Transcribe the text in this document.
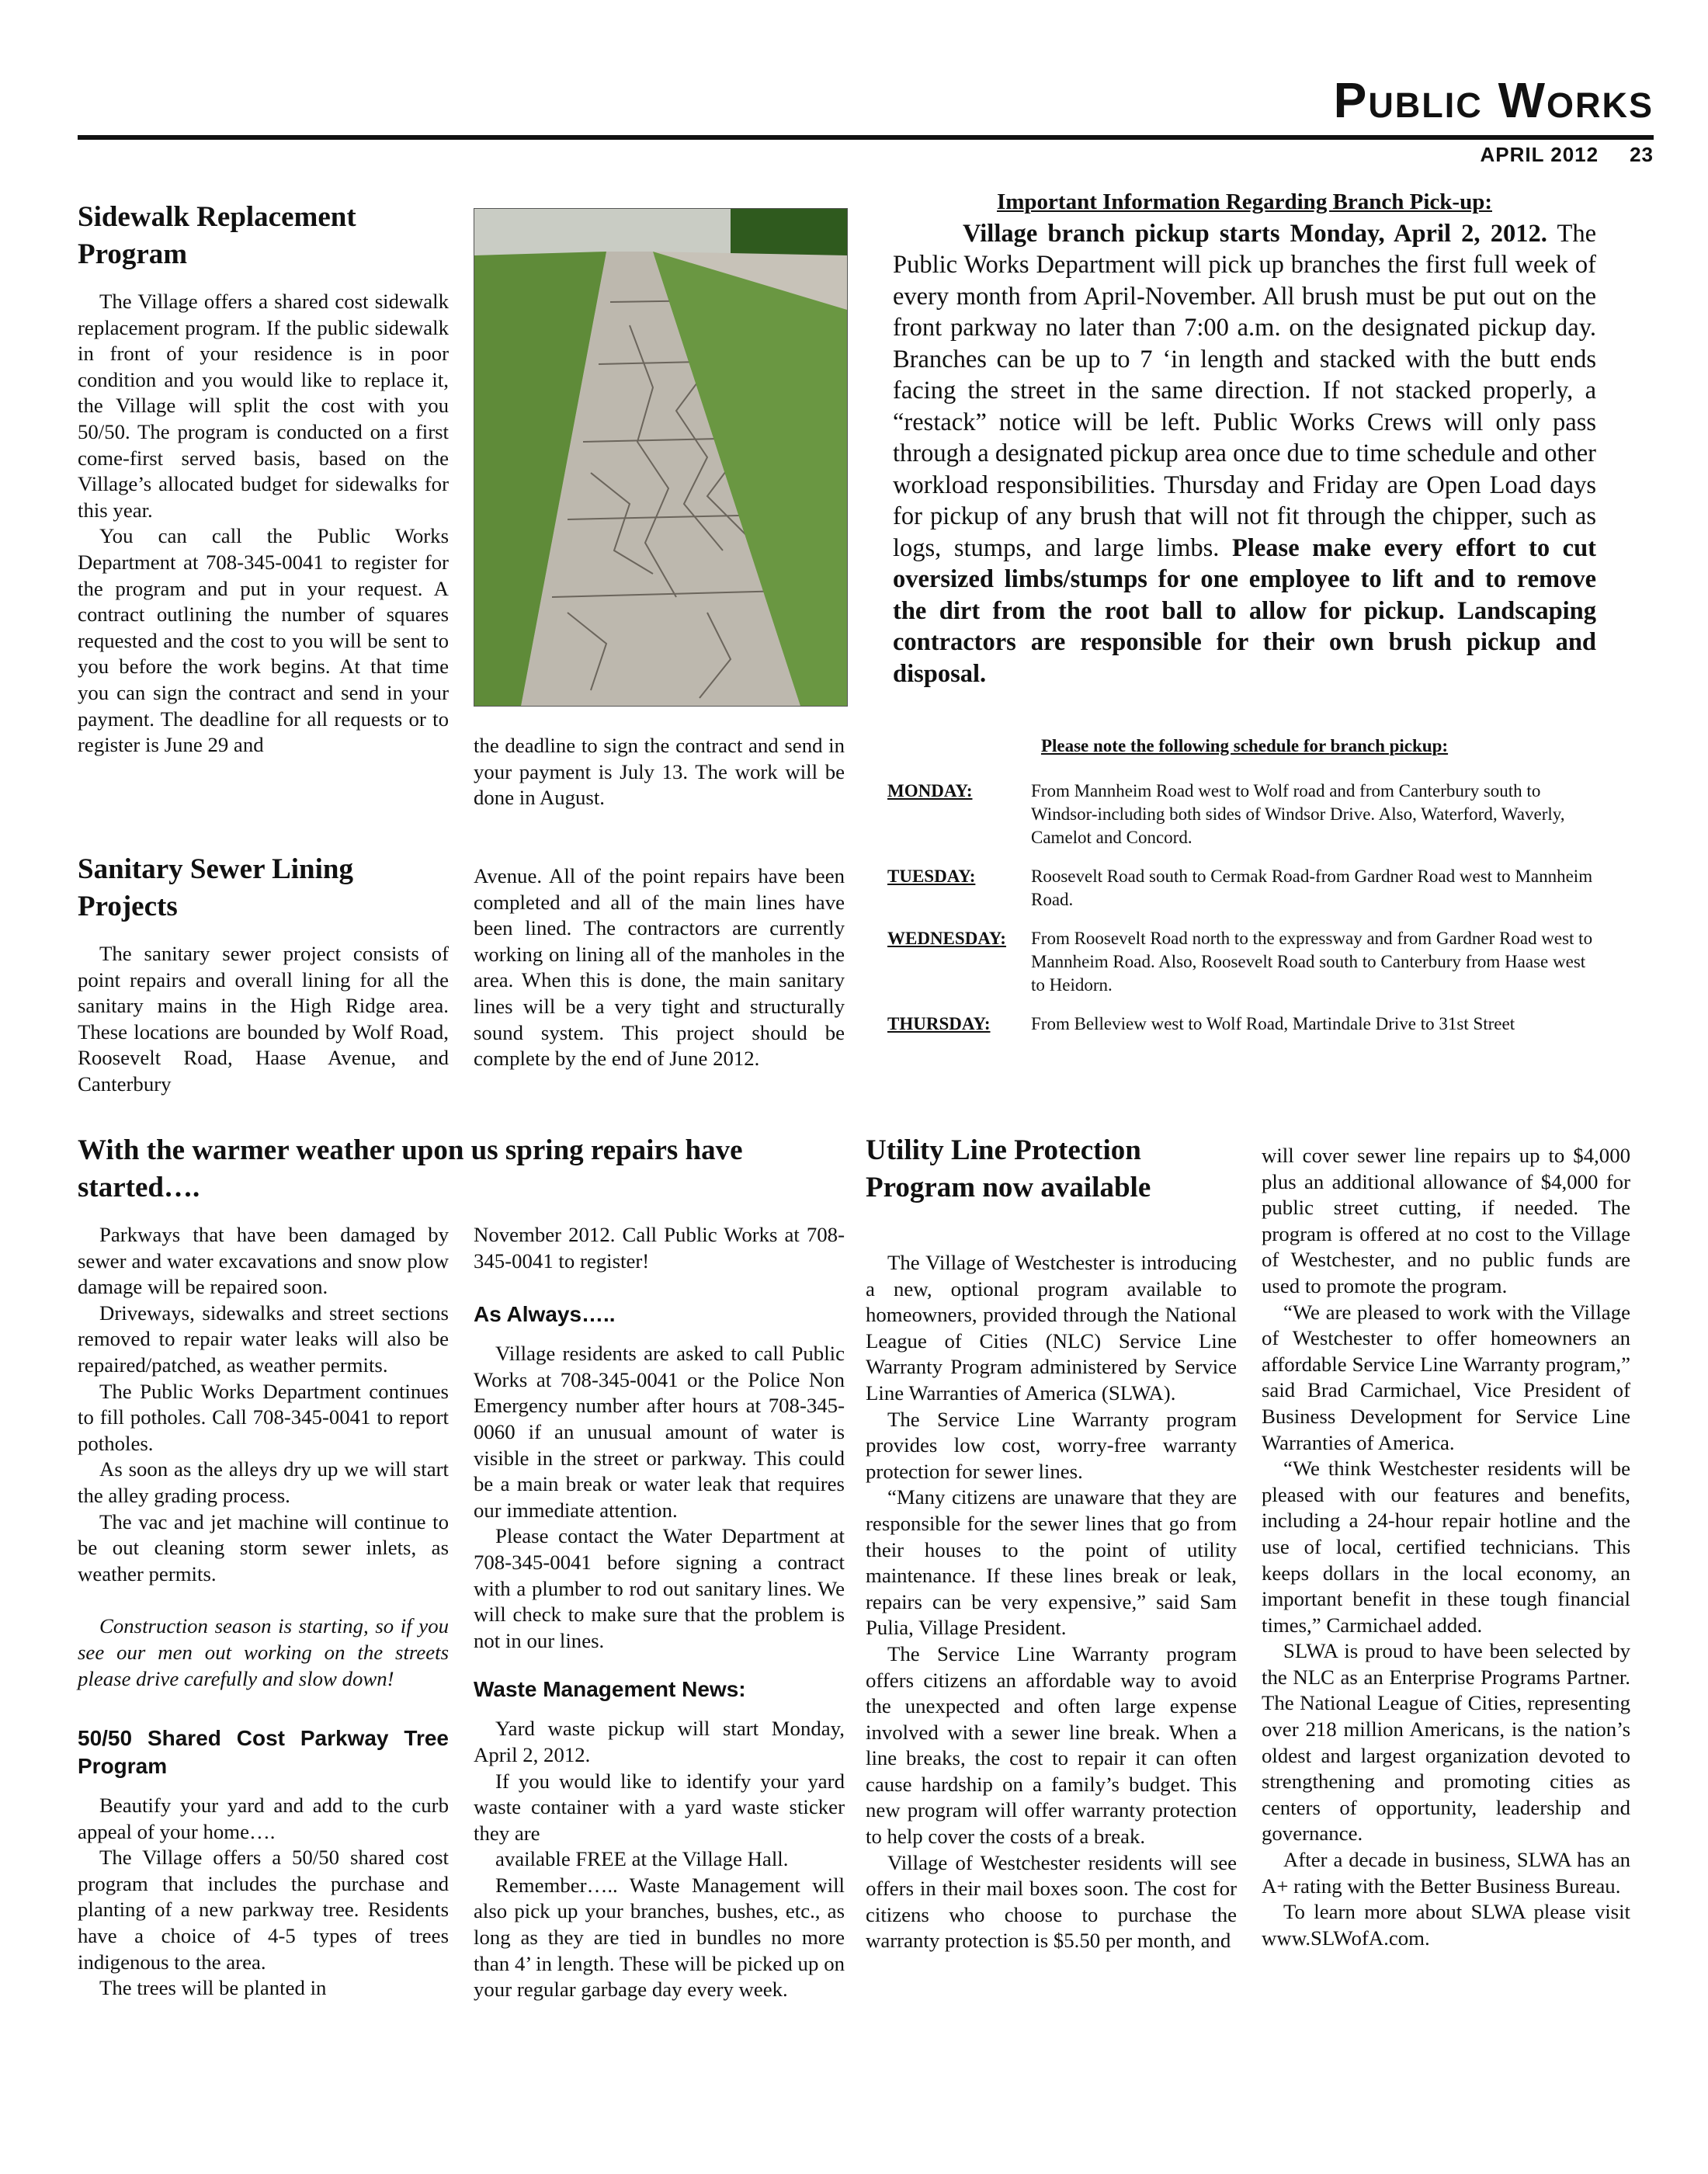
Public Works
APRIL 2012 23
Sidewalk Replacement Program

The Village offers a shared cost sidewalk replacement program. If the public sidewalk in front of your residence is in poor condition and you would like to replace it, the Village will split the cost with you 50/50. The program is conducted on a first come-first served basis, based on the Village’s allocated budget for sidewalks for this year.

You can call the Public Works Department at 708-345-0041 to register for the program and put in your request. A contract outlining the number of squares requested and the cost to you will be sent to you before the work begins. At that time you can sign the contract and send in your payment. The deadline for all requests or to register is June 29 and	the deadline to sign the contract and send in your payment is July 13. The work will be done in August.

Sanitary Sewer Lining Projects

The sanitary sewer project consists of point repairs and overall lining for all the sanitary mains in the High Ridge area. These locations are bounded by Wolf Road, Roosevelt Road, Haase Avenue, and Canterbury

Avenue. All of the point repairs have been completed and all of the main lines have been lined. The contractors are currently working on lining all of the manholes in the area. When this is done, the main sanitary lines will be a very tight and structurally sound system. This project should be complete by the end of June 2012.

Important Information Regarding Branch Pick-up:

Village branch pickup starts Monday, April 2, 2012. The Public Works Department will pick up branches the first full week of every month from April-November. All brush must be put out on the front parkway no later than 7:00 a.m. on the designated pickup day. Branches can be up to 7 ‘in length and stacked with the butt ends facing the street in the same direction. If not stacked properly, a “restack” notice will be left. Public Works Crews will only pass through a designated pickup area once due to time schedule and other workload responsibilities. Thursday and Friday are Open Load days for pickup of any brush that will not fit through the chipper, such as logs, stumps, and large limbs. Please make every effort to cut oversized limbs/stumps for one employee to lift and to remove the dirt from the root ball to allow for pickup. Landscaping contractors are responsible for their own brush pickup and disposal.

Please note the following schedule for branch pickup:
MONDAY:	From Mannheim Road west to Wolf road and from Canterbury south to Windsor-including both sides of Windsor Drive. Also, Waterford, Waverly, Camelot and Concord.
TUESDAY:	Roosevelt Road south to Cermak Road-from Gardner Road west to Mannheim Road.
WEDNESDAY: From Roosevelt Road north to the expressway and from Gardner Road west to Mannheim Road. Also, Roosevelt Road south to Canterbury from Haase west to Heidorn.
THURSDAY: From Belleview west to Wolf Road, Martindale Drive to 31st Street
With the warmer weather upon us spring repairs have started….

Parkways that have been damaged by sewer and water excavations and snow plow damage will be repaired soon.

Driveways, sidewalks and street sections removed to repair water leaks will also be repaired/patched, as weather permits.

The Public Works Department continues to fill potholes. Call 708-345-0041 to report potholes.

As soon as the alleys dry up we will start the alley grading process.

The vac and jet machine will continue to be out cleaning storm sewer inlets, as weather permits.

Construction season is starting, so if you see our men out working on the streets please drive carefully and slow down!

50/50 Shared Cost Parkway Tree Program

Beautify your yard and add to the curb appeal of your home….

The Village offers a 50/50 shared cost program that includes the purchase and planting of a new parkway tree. Residents have a choice of 4-5 types of trees indigenous to the area.

The trees will be planted in

November 2012. Call Public Works at 708-345-0041 to register!

As Always…..

Village residents are asked to call Public Works at 708-345-0041 or the Police Non Emergency number after hours at 708-345-0060 if an unusual amount of water is visible in the street or parkway. This could be a main break or water leak that requires our immediate attention.

Please contact the Water Department at 708-345-0041 before signing a contract with a plumber to rod out sanitary lines. We will check to make sure that the problem is not in our lines.

Waste Management News:

Yard waste pickup will start Monday, April 2, 2012.

If you would like to identify your yard waste container with a yard waste sticker they are

available FREE at the Village Hall.

Remember….. Waste Management will also pick up your branches, bushes, etc., as long as they are tied in bundles no more than 4’ in length. These will be picked up on your regular garbage day every week.

Utility Line Protection Program now available

The Village of Westchester is introducing a new, optional program available to homeowners, provided through the National League of Cities (NLC) Service Line Warranty Program administered by Service Line Warranties of America (SLWA).

The Service Line Warranty program provides low cost, worry-free warranty protection for sewer lines.

“Many citizens are unaware that they are responsible for the sewer lines that go from their houses to the point of utility maintenance. If these lines break or leak, repairs can be very expensive,” said Sam Pulia, Village President.

The Service Line Warranty program offers citizens an affordable way to avoid the unexpected and often large expense involved with a sewer line break. When a line breaks, the cost to repair it can often cause hardship on a family’s budget. This new program will offer warranty protection to help cover the costs of a break.

Village of Westchester residents will see offers in their mail boxes soon. The cost for citizens who choose to purchase the warranty protection is $5.50 per month, and

will cover sewer line repairs up to $4,000 plus an additional allowance of $4,000 for public street cutting, if needed. The program is offered at no cost to the Village of Westchester, and no public funds are used to promote the program.

“We are pleased to work with the Village of Westchester to offer homeowners an affordable Service Line Warranty program,” said Brad Carmichael, Vice President of Business Development for Service Line Warranties of America.

“We think Westchester residents will be pleased with our features and benefits, including a 24-hour repair hotline and the use of local, certified technicians. This keeps dollars in the local economy, an important benefit in these tough financial times,” Carmichael added.

SLWA is proud to have been selected by the NLC as an Enterprise Programs Partner. The National League of Cities, representing over 218 million Americans, is the nation’s oldest and largest organization devoted to strengthening and promoting cities as centers of opportunity, leadership and governance.

After a decade in business, SLWA has an A+ rating with the Better Business Bureau.

To learn more about SLWA please visit www.SLWofA.com.
